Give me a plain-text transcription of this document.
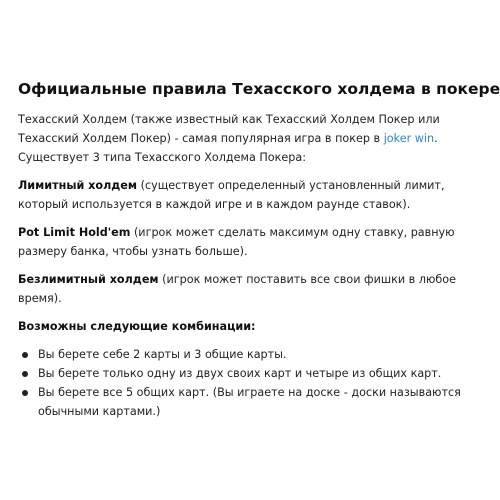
Официальные правила Техасского холдема в покере

Техасский Холдем (также известный как Техасский Холдем Покер или Техасский Холдем Покер) - самая популярная игра в покер в joker win. Существует 3 типа Техасского Холдема Покера:

Лимитный холдем (существует определенный установленный лимит, который используется в каждой игре и в каждом раунде ставок).

Pot Limit Hold'em (игрок может сделать максимум одну ставку, равную размеру банка, чтобы узнать больше).

Безлимитный холдем (игрок может поставить все свои фишки в любое время).

Возможны следующие комбинации:

Вы берете себе 2 карты и 3 общие карты.
Вы берете только одну из двух своих карт и четыре из общих карт.
Вы берете все 5 общих карт. (Вы играете на доске - доски называются обычными картами.)
